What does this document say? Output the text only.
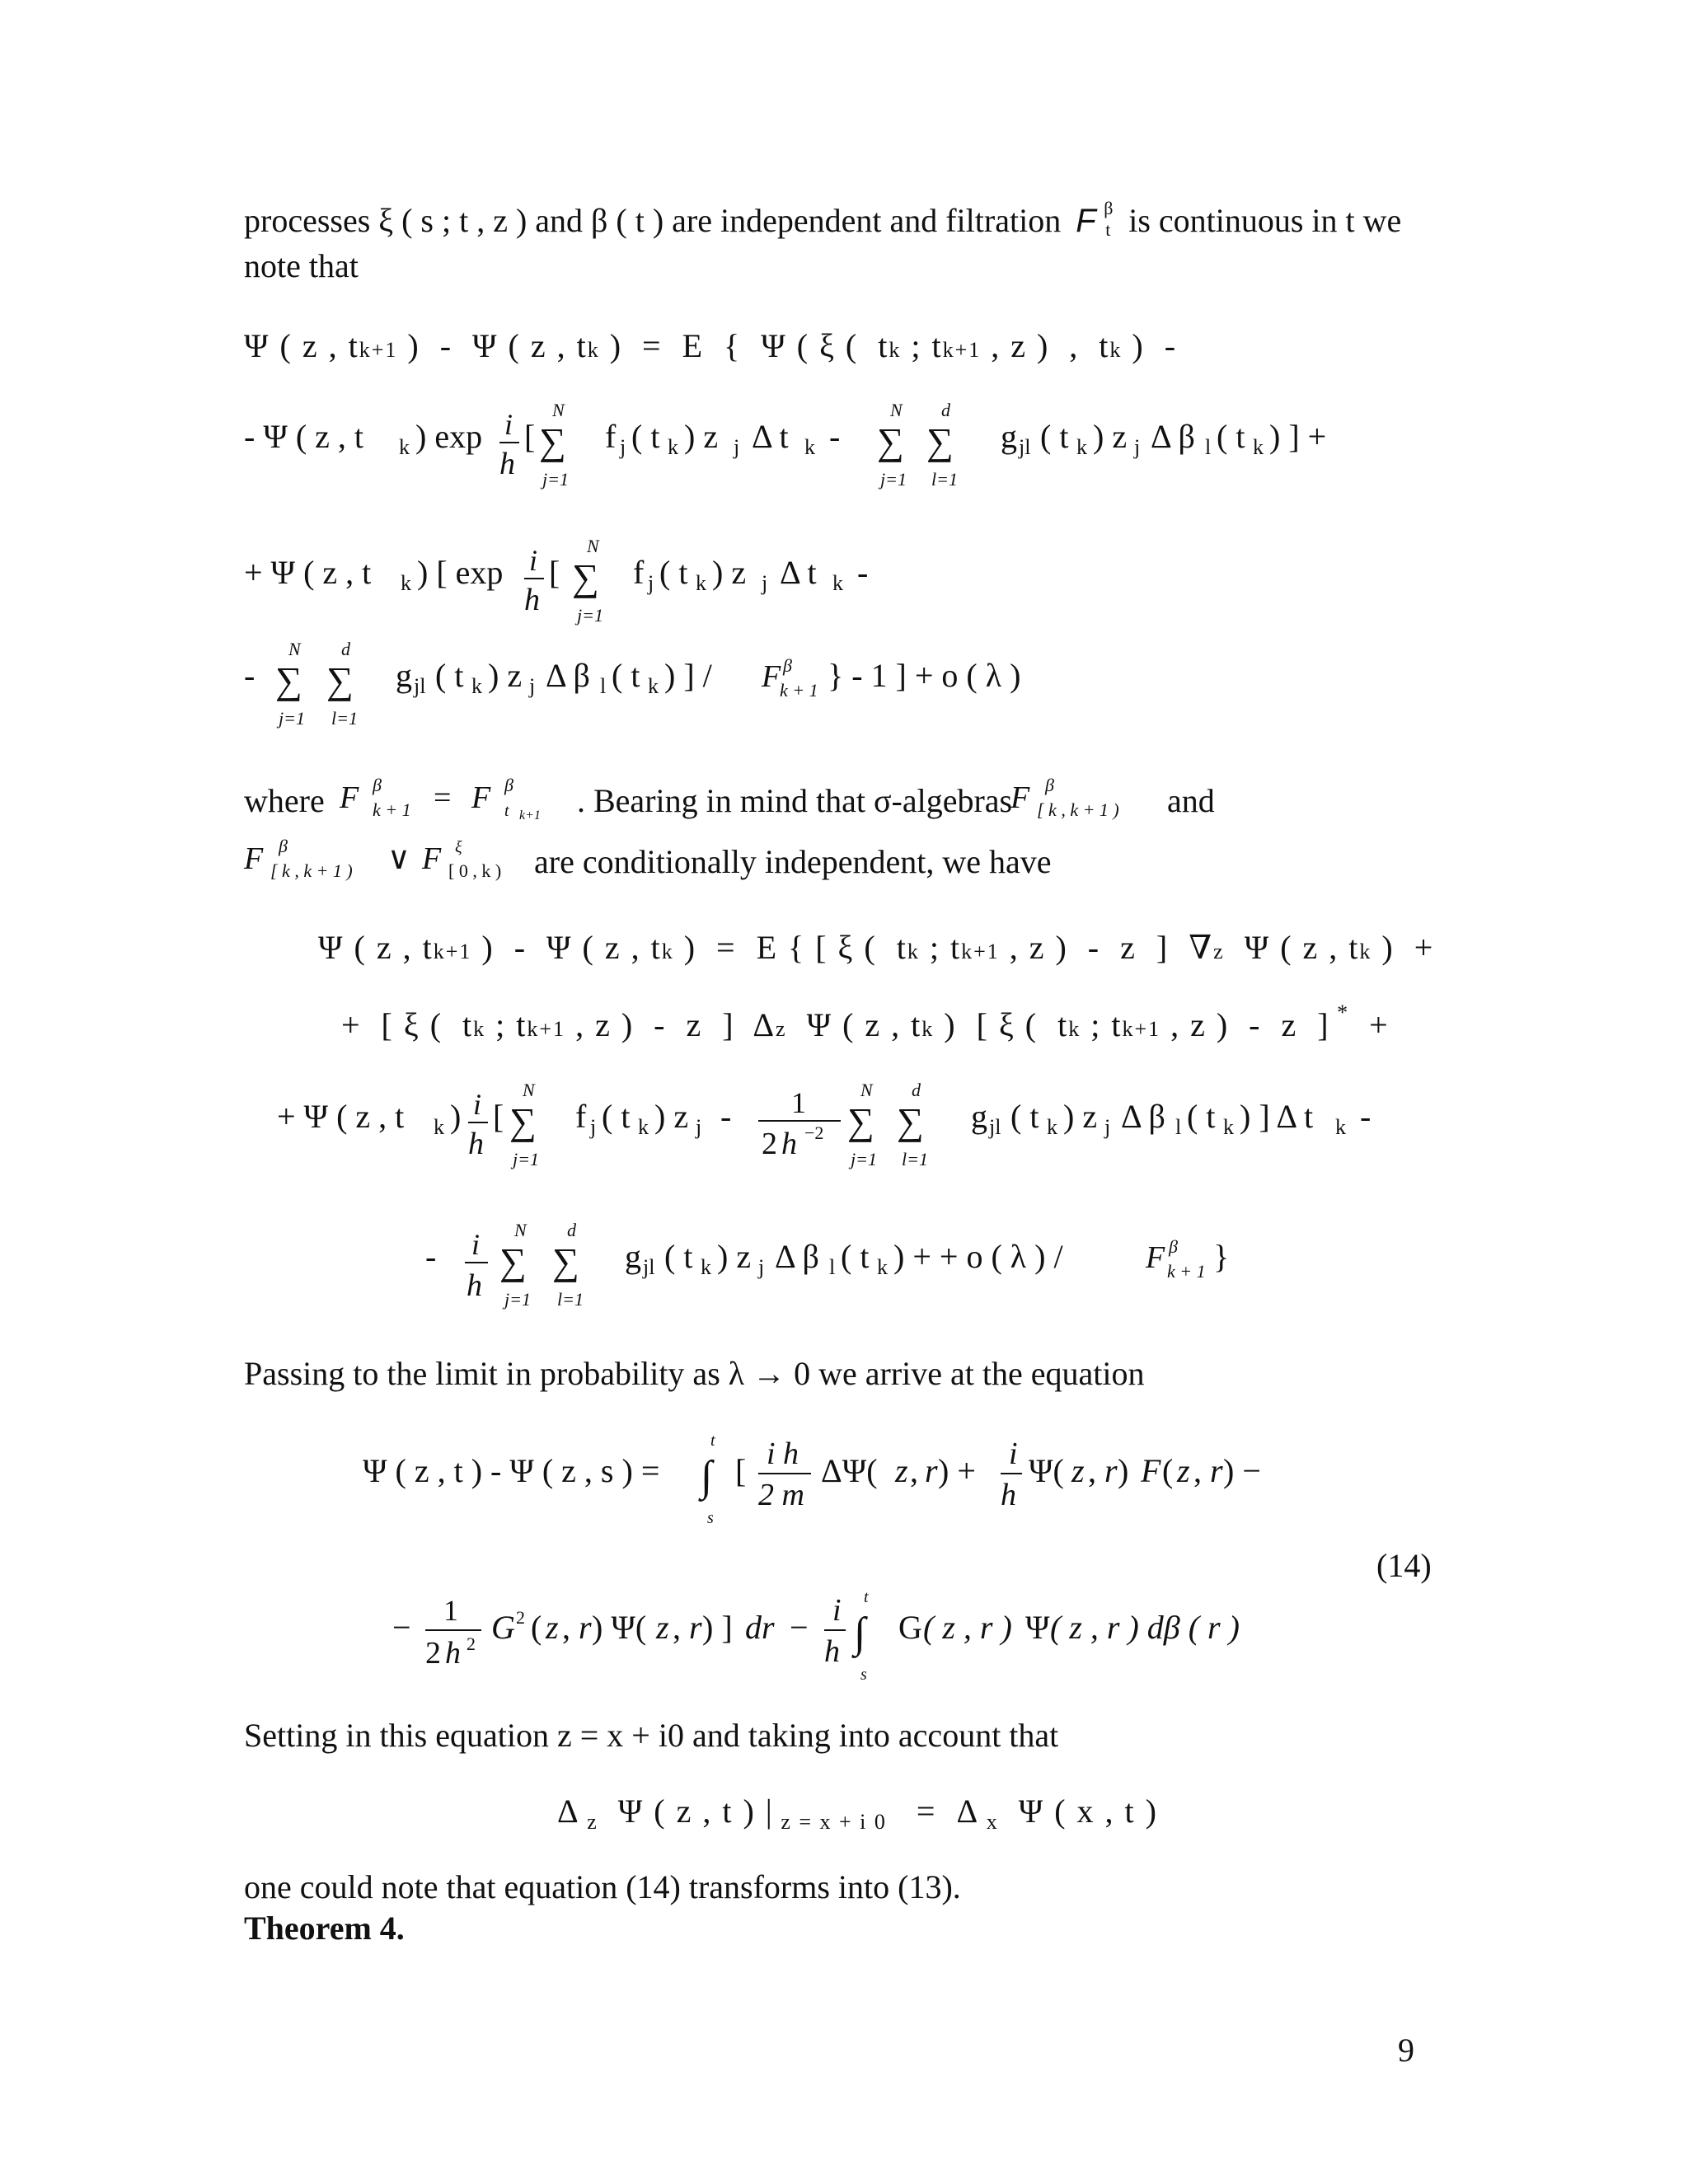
processes ξ ( s ; t , z ) and β ( t ) are independent and filtration F β
t is continuous in t we
note that
Ψ ( z , tk+1 )  -  Ψ ( z , tk )  =  E  {  Ψ ( ξ (  tk ; tk+1 , z )  ,  tk )  -
- Ψ ( z , t k ) exp i
h
[
N
∑
j=1
f j ( t k ) z j Δ t k -
N
∑
j=1
d
∑
l=1
g jl ( t k ) z j Δ β l ( t k ) ] +
+ Ψ ( z , t k ) [ exp i
h
[
N
∑
j=1
f j ( t k ) z j Δ t k -
-
N
∑
j=1
d
∑
l=1
g jl ( t k ) z j Δ β l ( t k ) ] / F β
k + 1 } - 1 ] + o ( λ )
where F β
k + 1 = F β
t k+1 . Bearing in mind that σ-algebras
F β
[ k , k + 1 ) and
F β
[ k , k + 1 ) ∨ F ξ
[ 0 , k ) are conditionally independent, we have
Ψ ( z , tk+1 )  -  Ψ ( z , tk )  =  E { [ ξ (  tk ; tk+1 , z )  -  z  ]  ∇z  Ψ ( z , tk )  +
+  [ ξ (  tk ; tk+1 , z )  -  z  ]  Δz  Ψ ( z , tk )  [ ξ (  tk ; tk+1 , z )  -  z  ] *  +
+ Ψ ( z , t k ) i
h
[
N
∑
j=1
f j ( t k ) z j - 1
2 h −2
N
∑
j=1
d
∑
l=1
g jl ( t k ) z j Δ β l ( t k ) ] Δ t k -
- i
h
N
∑
j=1
d
∑
l=1
g jl ( t k ) z j Δ β l ( t k ) + + o ( λ ) /	F β
k + 1 }
Passing to the limit in probability as λ → 0 we arrive at the equation
Ψ ( z , t ) - Ψ ( z , s ) =
t
∫
s
[ i h
2 m
ΔΨ( z , r ) + i
h
Ψ( z , r ) F ( z , r ) −
(14)
− 1
2 h 2 G 2 ( z , r ) Ψ( z , r ) ] dr − i
h
t
∫
s
G ( z , r ) Ψ ( z , r ) dβ ( r )
Setting in this equation z = x + i0 and taking into account that
Δ $_z$  Ψ ( z , t ) | $_{z = x + i 0}$   =  Δ $_x$  Ψ ( x , t )
one could note that equation (14) transforms into (13).
Theorem 4.
9
